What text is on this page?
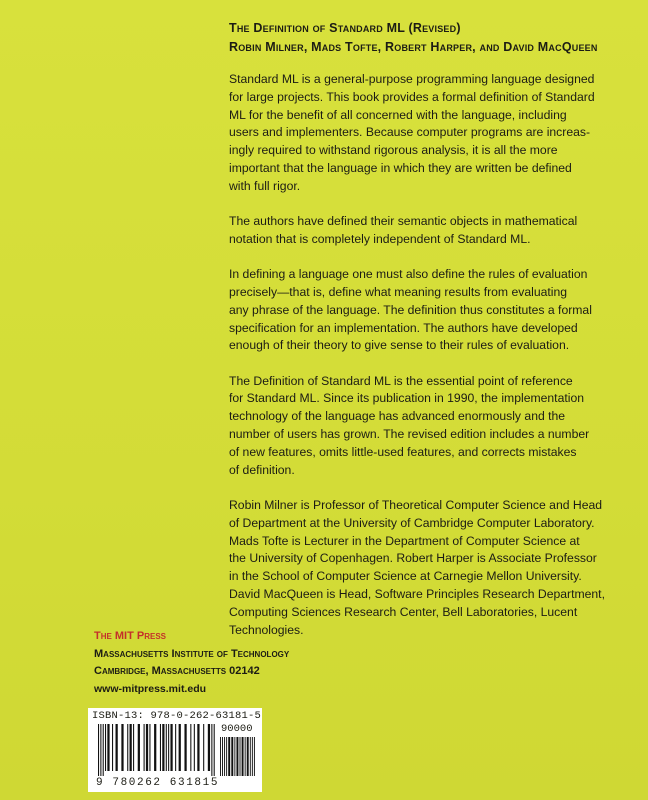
The Definition of Standard ML (Revised)
Robin Milner, Mads Tofte, Robert Harper, and David MacQueen
Standard ML is a general-purpose programming language designed
for large projects. This book provides a formal definition of Standard
ML for the benefit of all concerned with the language, including
users and implementers. Because computer programs are increas-
ingly required to withstand rigorous analysis, it is all the more
important that the language in which they are written be defined
with full rigor.
The authors have defined their semantic objects in mathematical
notation that is completely independent of Standard ML.
In defining a language one must also define the rules of evaluation
precisely—that is, define what meaning results from evaluating
any phrase of the language. The definition thus constitutes a formal
specification for an implementation. The authors have developed
enough of their theory to give sense to their rules of evaluation.
The Definition of Standard ML is the essential point of reference
for Standard ML. Since its publication in 1990, the implementation
technology of the language has advanced enormously and the
number of users has grown. The revised edition includes a number
of new features, omits little-used features, and corrects mistakes
of definition.
Robin Milner is Professor of Theoretical Computer Science and Head
of Department at the University of Cambridge Computer Laboratory.
Mads Tofte is Lecturer in the Department of Computer Science at
the University of Copenhagen. Robert Harper is Associate Professor
in the School of Computer Science at Carnegie Mellon University.
David MacQueen is Head, Software Principles Research Department,
Computing Sciences Research Center, Bell Laboratories, Lucent
Technologies.
The MIT Press
Massachusetts Institute of Technology
Cambridge, Massachusetts 02142
www-mitpress.mit.edu
ISBN-13: 978-0-262-63181-5
90000
9 780262 631815
